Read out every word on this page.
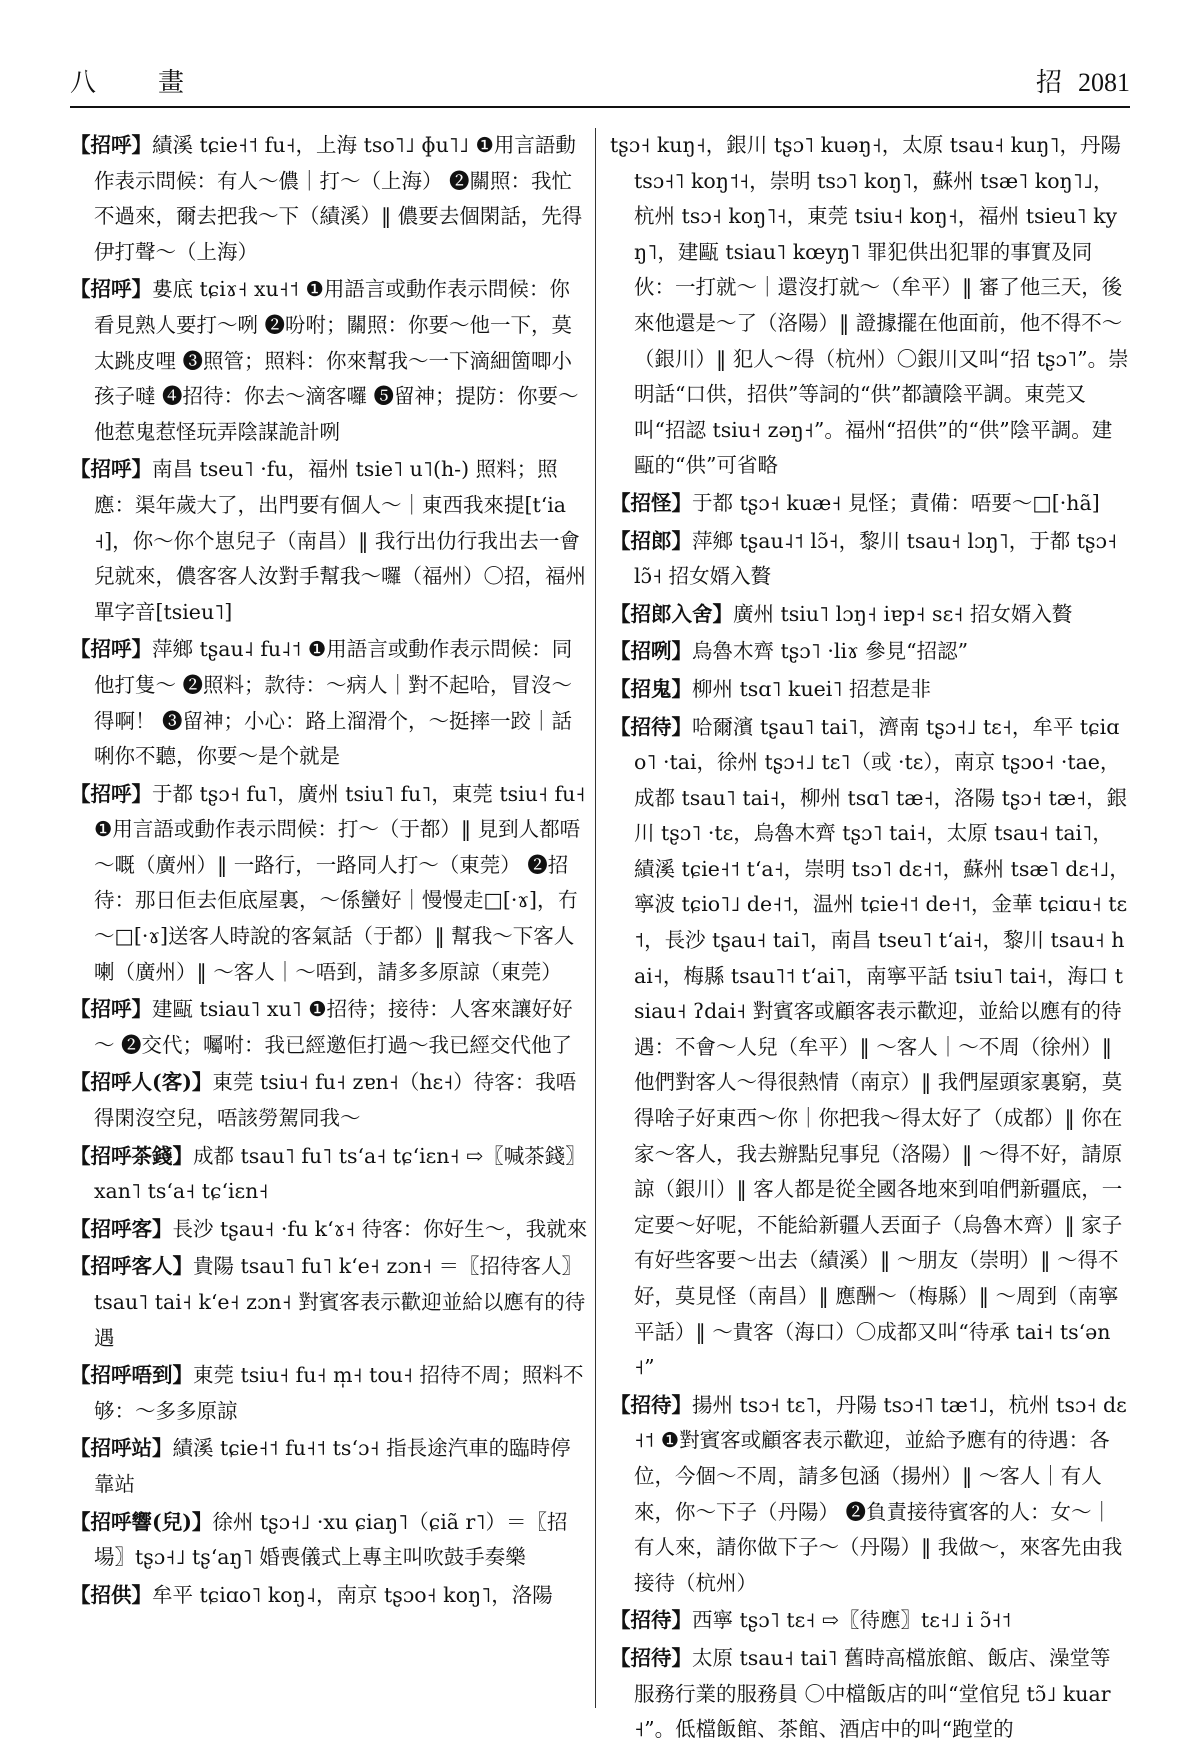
八　畫	招 2081

【招呼】績溪 tɕie˧˦ fu˧，上海 tso˥˩ ɸu˥˩ ❶用言語動作表示問候：有人～儂｜打～（上海） ❷關照：我忙不過來，爾去把我～下（績溪）‖ 儂要去個閑話，先得伊打聲～（上海）

【招呼】婁底 tɕiɤ˧ xu˧˦ ❶用語言或動作表示問候：你看見熟人要打～咧 ❷吩咐；關照：你要～他一下，莫太跳皮哩 ❸照管；照料：你來幫我～一下滴細箇唧小孩子噠 ❹招待：你去～滴客囉 ❺留神；提防：你要～他惹鬼惹怪玩弄陰謀詭計咧

【招呼】南昌 tseu˥ ·fu，福州 tsie˥ u˥(h-) 照料；照應：渠年歲大了，出門要有個人～｜東西我來提[tʻia˧]，你～你个崽兒子（南昌）‖ 我行出仂行我出去一會兒就來，儂客客人汝對手幫我～囉（福州）〇招，福州單字音[tsieu˥]

【招呼】萍鄉 tʂau˨ fu˨˦ ❶用語言或動作表示問候：同他打隻～ ❷照料；款待：～病人｜對不起哈，冒沒～得啊！ ❸留神；小心：路上溜滑个，～挺摔一跤｜話唎你不聽，你要～是个就是

【招呼】于都 tʂɔ˧ fu˥，廣州 tsiu˥ fu˥，東莞 tsiu˧ fu˧ ❶用言語或動作表示問候：打～（于都）‖ 見到人都唔～嘅（廣州）‖ 一路行，一路同人打～（東莞） ❷招待：那日佢去佢底屋裏，～係蠻好｜慢慢走□[·ɤ]，冇～□[·ɤ]送客人時說的客氣話（于都）‖ 幫我～下客人喇（廣州）‖ ～客人｜～唔到，請多多原諒（東莞）

【招呼】建甌 tsiau˥ xu˥ ❶招待；接待：人客來讓好好～ ❷交代；囑咐：我已經邀佢打過～我已經交代他了

【招呼人(客)】東莞 tsiu˧ fu˧ zɐn˧（hɛ˧）待客：我唔得閑沒空兒，唔該勞駕同我～

【招呼茶錢】成都 tsau˥ fu˥ tsʻa˧ tɕʻiɛn˧ ⇨〖喊茶錢〗xan˥ tsʻa˧ tɕʻiɛn˧

【招呼客】長沙 tʂau˧ ·fu kʻɤ˧ 待客：你好生～，我就來

【招呼客人】貴陽 tsau˥ fu˥ kʻe˧ zɔn˧ ＝〖招待客人〗tsau˥ tai˧ kʻe˧ zɔn˧ 對賓客表示歡迎並給以應有的待遇

【招呼唔到】東莞 tsiu˧ fu˧ m̩˧ tou˧ 招待不周；照料不够：～多多原諒

【招呼站】績溪 tɕie˧˦ fu˧˦ tsʻɔ˧ 指長途汽車的臨時停靠站

【招呼響(兒)】徐州 tʂɔ˧˩ ·xu ɕiaŋ˥（ɕiã r˥）＝〖招場〗tʂɔ˧˩ tʂʻaŋ˥ 婚喪儀式上專主叫吹鼓手奏樂

【招供】牟平 tɕiɑo˥ koŋ˨，南京 tʂɔo˧ koŋ˥，洛陽

tʂɔ˧ kuŋ˧，銀川 tʂɔ˥ kuəŋ˧，太原 tsau˧ kuŋ˥，丹陽 tsɔ˧˥ koŋ˦˧，崇明 tsɔ˥ koŋ˥，蘇州 tsæ˥ koŋ˥˩，杭州 tsɔ˧ koŋ˥˧，東莞 tsiu˧ koŋ˧，福州 tsieu˥ kyŋ˥，建甌 tsiau˥ kœyŋ˥ 罪犯供出犯罪的事實及同伙：一打就～｜還沒打就～（牟平）‖ 審了他三天，後來他還是～了（洛陽）‖ 證據擺在他面前，他不得不～（銀川）‖ 犯人～得（杭州）〇銀川又叫“招 tʂɔ˥”。崇明話“口供，招供”等詞的“供”都讀陰平調。東莞又叫“招認 tsiu˧ zəŋ˧”。福州“招供”的“供”陰平調。建甌的“供”可省略

【招怪】于都 tʂɔ˧ kuæ˧ 見怪；責備：唔要～□[·hã]

【招郎】萍鄉 tʂau˨˦ lɔ̃˧，黎川 tsau˧ lɔŋ˥，于都 tʂɔ˧ lɔ̃˧ 招女婿入贅

【招郎入舍】廣州 tsiu˥ lɔŋ˧ iɐp˧ sɛ˧ 招女婿入贅

【招咧】烏魯木齊 tʂɔ˥ ·liɤ 參見“招認”

【招鬼】柳州 tsɑ˥ kuei˥ 招惹是非

【招待】哈爾濱 tʂau˥ tai˥，濟南 tʂɔ˧˩ tɛ˧，牟平 tɕiɑo˥ ·tai，徐州 tʂɔ˧˩ tɛ˥（或 ·tɛ），南京 tʂɔo˧ ·tae，成都 tsau˥ tai˧，柳州 tsɑ˥ tæ˧，洛陽 tʂɔ˧ tæ˧，銀川 tʂɔ˥ ·tɛ，烏魯木齊 tʂɔ˥ tai˧，太原 tsau˧ tai˥，績溪 tɕie˧˦ tʻa˧，崇明 tsɔ˥ dɛ˧˦，蘇州 tsæ˥ dɛ˧˩，寧波 tɕio˥˩ de˧˦，温州 tɕie˧˦ de˧˦，金華 tɕiɑu˧ tɛ˦，長沙 tʂau˧ tai˥，南昌 tseu˥ tʻai˧，黎川 tsau˧ hai˧，梅縣 tsau˥˦ tʻai˥，南寧平話 tsiu˥ tai˧，海口 tsiau˧ ʔdai˧ 對賓客或顧客表示歡迎，並給以應有的待遇：不會～人兒（牟平）‖ ～客人｜～不周（徐州）‖ 他們對客人～得很熱情（南京）‖ 我們屋頭家裏窮，莫得啥子好東西～你｜你把我～得太好了（成都）‖ 你在家～客人，我去辦點兒事兒（洛陽）‖ ～得不好，請原諒（銀川）‖ 客人都是從全國各地來到咱們新疆底，一定要～好呢，不能給新疆人丟面子（烏魯木齊）‖ 家子有好些客要～出去（績溪）‖ ～朋友（崇明）‖ ～得不好，莫見怪（南昌）‖ 應酬～（梅縣）‖ ～周到（南寧平話）‖ ～貴客（海口）〇成都又叫“待承 tai˧ tsʻən˧”

【招待】揚州 tsɔ˧ tɛ˥，丹陽 tsɔ˧˥ tæ˦˩，杭州 tsɔ˧ dɛ˧˦ ❶對賓客或顧客表示歡迎，並給予應有的待遇：各位，今個～不周，請多包涵（揚州）‖ ～客人｜有人來，你～下子（丹陽） ❷負責接待賓客的人：女～｜有人來，請你做下子～（丹陽）‖ 我做～，來客先由我接待（杭州）

【招待】西寧 tʂɔ˥ tɛ˧ ⇨〖待應〗tɛ˧˩ i ɔ̃˧˦

【招待】太原 tsau˧ tai˥ 舊時高檔旅館、飯店、澡堂等服務行業的服務員 〇中檔飯店的叫“堂倌兒 tɔ̃˩ kuar˧”。低檔飯館、茶館、酒店中的叫“跑堂的
